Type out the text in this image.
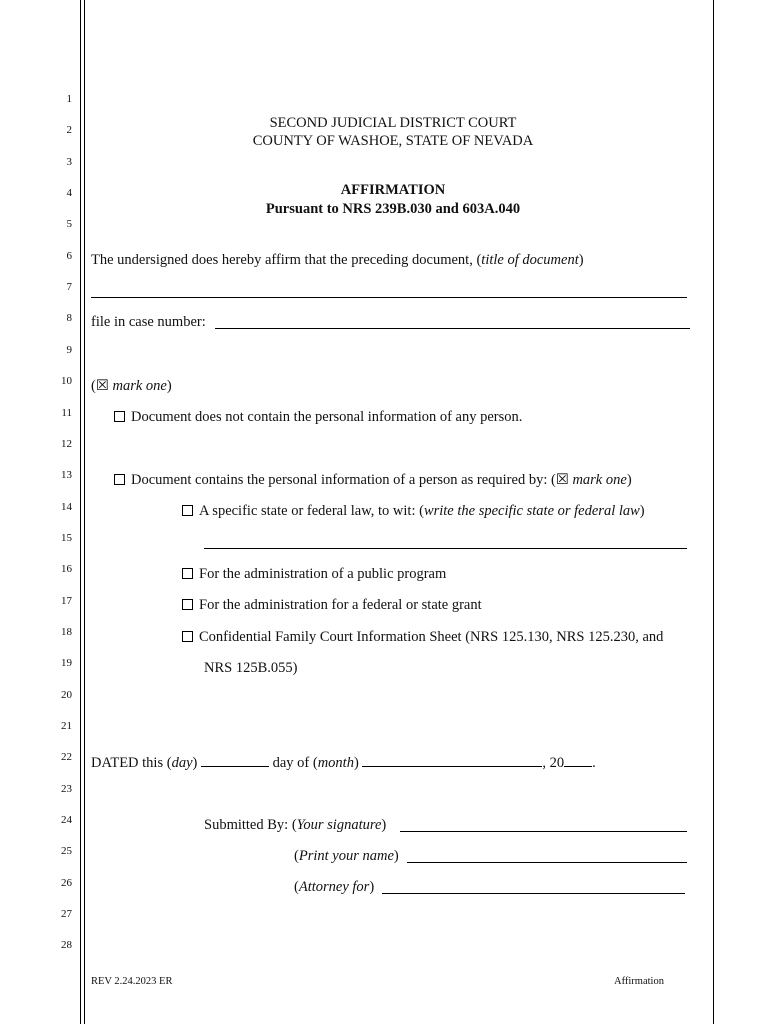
1
2
3
4
5
6
7
8
9
10
11
12
13
14
15
16
17
18
19
20
21
22
23
24
25
26
27
28
SECOND JUDICIAL DISTRICT COURT
COUNTY OF WASHOE, STATE OF NEVADA
AFFIRMATION
Pursuant to NRS 239B.030 and 603A.040
The undersigned does hereby affirm that the preceding document, (title of document)
file in case number:
(☒ mark one)
Document does not contain the personal information of any person.
Document contains the personal information of a person as required by: (☒ mark one)
A specific state or federal law, to wit: (write the specific state or federal law)
For the administration of a public program
For the administration for a federal or state grant
Confidential Family Court Information Sheet (NRS 125.130, NRS 125.230, and
NRS 125B.055)
DATED this (day)	day of (month)	, 20 .
Submitted By: (Your signature)
(Print your name)
(Attorney for)
REV 2.24.2023 ER	Affirmation
